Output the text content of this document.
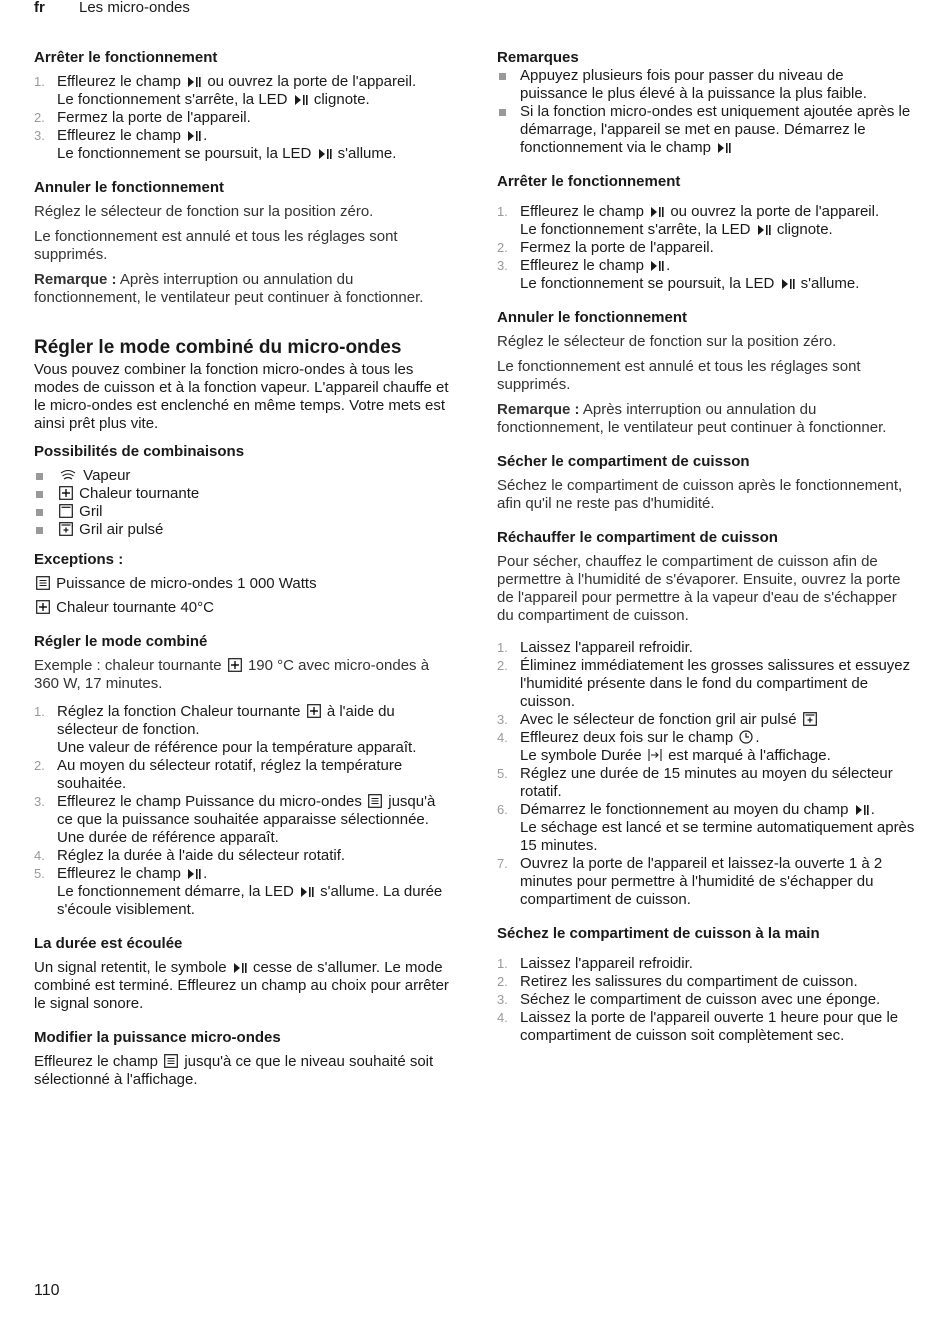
fr Les micro-ondes
Arrêter le fonctionnement
1. Effleurez le champ ou ouvrez la porte de l'appareil.
Le fonctionnement s'arrête, la LED clignote.
2. Fermez la porte de l'appareil.
3. Effleurez le champ .
Le fonctionnement se poursuit, la LED s'allume.
Annuler le fonctionnement

Réglez le sélecteur de fonction sur la position zéro.

Le fonctionnement est annulé et tous les réglages sont supprimés.

Remarque : Après interruption ou annulation du fonctionnement, le ventilateur peut continuer à fonctionner.

Régler le mode combiné du micro-ondes

Vous pouvez combiner la fonction micro-ondes à tous les modes de cuisson et à la fonction vapeur. L'appareil chauffe et le micro-ondes est enclenché en même temps. Votre mets est ainsi prêt plus vite.

Possibilités de combinaisons
Vapeur
Chaleur tournante
Gril
Gril air pulsé
Exceptions :

Puissance de micro-ondes 1 000 Watts

Chaleur tournante 40°C

Régler le mode combiné

Exemple : chaleur tournante 190 °C avec micro-ondes à 360 W, 17 minutes.

1. Réglez la fonction Chaleur tournante à l'aide du sélecteur de fonction.
Une valeur de référence pour la température apparaît.
2. Au moyen du sélecteur rotatif, réglez la température souhaitée.
3. Effleurez le champ Puissance du micro-ondes jusqu'à ce que la puissance souhaitée apparaisse sélectionnée.
Une durée de référence apparaît.
4. Réglez la durée à l'aide du sélecteur rotatif.
5. Effleurez le champ .
Le fonctionnement démarre, la LED s'allume. La durée s'écoule visiblement.
La durée est écoulée

Un signal retentit, le symbole cesse de s'allumer. Le mode combiné est terminé. Effleurez un champ au choix pour arrêter le signal sonore.

Modifier la puissance micro-ondes

Effleurez le champ jusqu'à ce que le niveau souhaité soit sélectionné à l'affichage.

Remarques
Appuyez plusieurs fois pour passer du niveau de puissance le plus élevé à la puissance la plus faible.
Si la fonction micro-ondes est uniquement ajoutée après le démarrage, l'appareil se met en pause. Démarrez le fonctionnement via le champ
Arrêter le fonctionnement
1. Effleurez le champ ou ouvrez la porte de l'appareil.
Le fonctionnement s'arrête, la LED clignote.
2. Fermez la porte de l'appareil.
3. Effleurez le champ .
Le fonctionnement se poursuit, la LED s'allume.
Annuler le fonctionnement

Réglez le sélecteur de fonction sur la position zéro.

Le fonctionnement est annulé et tous les réglages sont supprimés.

Remarque : Après interruption ou annulation du fonctionnement, le ventilateur peut continuer à fonctionner.

Sécher le compartiment de cuisson

Séchez le compartiment de cuisson après le fonctionnement, afin qu'il ne reste pas d'humidité.

Réchauffer le compartiment de cuisson

Pour sécher, chauffez le compartiment de cuisson afin de permettre à l'humidité de s'évaporer. Ensuite, ouvrez la porte de l'appareil pour permettre à la vapeur d'eau de s'échapper du compartiment de cuisson.

1. Laissez l'appareil refroidir.
2. Éliminez immédiatement les grosses salissures et essuyez l'humidité présente dans le fond du compartiment de cuisson.
3. Avec le sélecteur de fonction gril air pulsé
4. Effleurez deux fois sur le champ .
Le symbole Durée est marqué à l'affichage.
5. Réglez une durée de 15 minutes au moyen du sélecteur rotatif.
6. Démarrez le fonctionnement au moyen du champ .
Le séchage est lancé et se termine automatiquement après 15 minutes.
7. Ouvrez la porte de l'appareil et laissez-la ouverte 1 à 2 minutes pour permettre à l'humidité de s'échapper du compartiment de cuisson.
Séchez le compartiment de cuisson à la main
1. Laissez l'appareil refroidir.
2. Retirez les salissures du compartiment de cuisson.
3. Séchez le compartiment de cuisson avec une éponge.
4. Laissez la porte de l'appareil ouverte 1 heure pour que le compartiment de cuisson soit complètement sec.
110
